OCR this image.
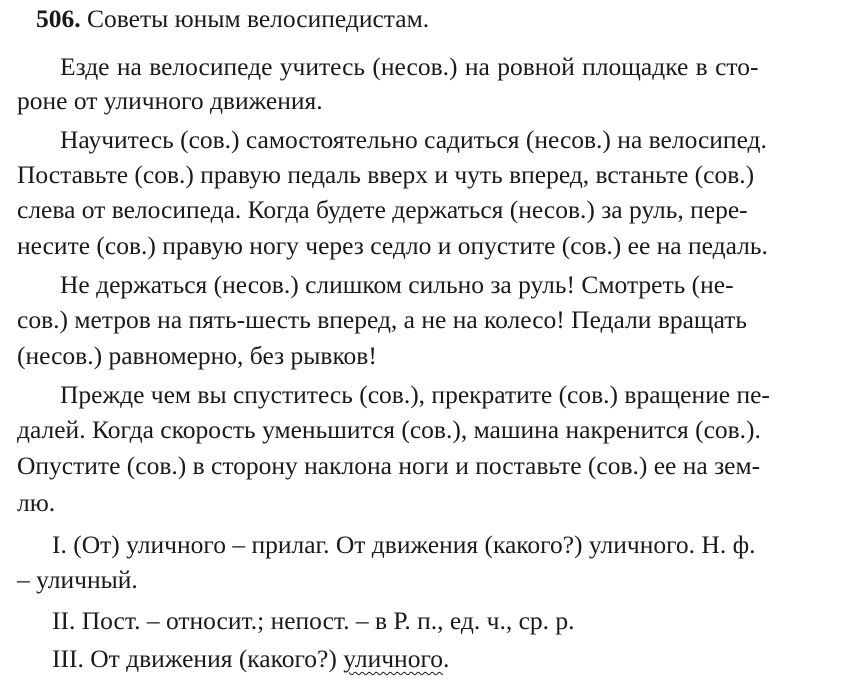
506. Советы юным велосипедистам.
Езде на велосипеде учитесь (несов.) на ровной площадке в сто-
роне от уличного движения.
Научитесь (сов.) самостоятельно садиться (несов.) на велосипед.
Поставьте (сов.) правую педаль вверх и чуть вперед, встаньте (сов.)
слева от велосипеда. Когда будете держаться (несов.) за руль, пере-
несите (сов.) правую ногу через седло и опустите (сов.) ее на педаль.
Не держаться (несов.) слишком сильно за руль! Смотреть (не-
сов.) метров на пять-шесть вперед, а не на колесо! Педали вращать
(несов.) равномерно, без рывков!
Прежде чем вы спуститесь (сов.), прекратите (сов.) вращение пе-
далей. Когда скорость уменьшится (сов.), машина накренится (сов.).
Опустите (сов.) в сторону наклона ноги и поставьте (сов.) ее на зем-
лю.
I. (От) уличного – прилаг. От движения (какого?) уличного. Н. ф.
– уличный.
II. Пост. – относит.; непост. – в Р. п., ед. ч., ср. р.
III. От движения (какого?) уличного.
